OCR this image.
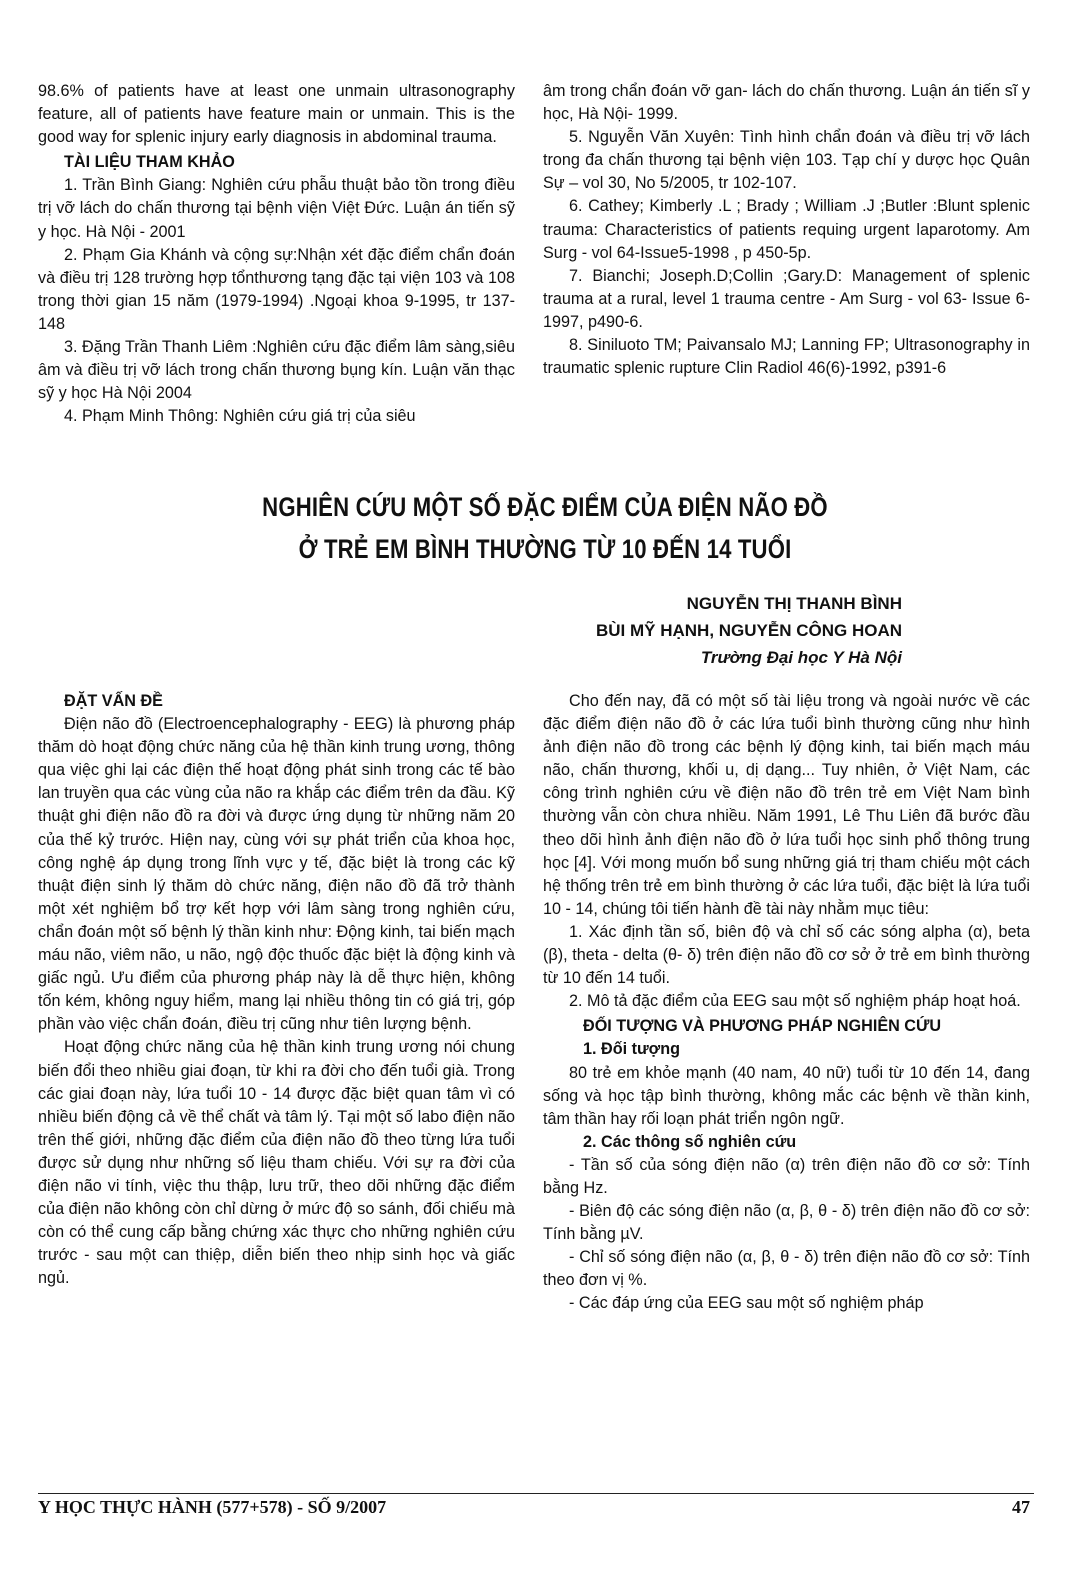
98.6% of patients have at least one unmain ultrasonography feature, all of patients have feature main or unmain. This is the good way for splenic injury early diagnosis in abdominal trauma.

TÀI LIỆU THAM KHẢO

1. Trần Bình Giang: Nghiên cứu phẫu thuật bảo tồn trong điều trị vỡ lách do chấn thương tại bệnh viện Việt Đức. Luận án tiến sỹ y học. Hà Nội - 2001

2. Phạm Gia Khánh và cộng sự:Nhận xét đặc điểm chẩn đoán và điều trị 128 trường hợp tổnthương tạng đặc tại viện 103 và 108 trong thời gian 15 năm (1979-1994) .Ngoại khoa 9-1995, tr 137-148

3. Đặng Trần Thanh Liêm :Nghiên cứu đặc điểm lâm sàng,siêu âm và điều trị vỡ lách trong chấn thương bụng kín. Luận văn thạc sỹ y học Hà Nội 2004

4. Phạm Minh Thông: Nghiên cứu giá trị của siêu

âm trong chẩn đoán vỡ gan- lách do chấn thương. Luận án tiến sĩ y học, Hà Nội- 1999.

5. Nguyễn Văn Xuyên: Tình hình chẩn đoán và điều trị vỡ lách trong đa chấn thương tại bệnh viện 103. Tạp chí y dược học Quân Sự – vol 30, No 5/2005, tr 102-107.

6. Cathey; Kimberly .L ; Brady ; William .J ;Butler :Blunt splenic trauma: Characteristics of patients requing urgent laparotomy. Am Surg - vol 64-Issue5-1998 , p 450-5p.

7. Bianchi; Joseph.D;Collin ;Gary.D: Management of splenic trauma at a rural, level 1 trauma centre - Am Surg - vol 63- Issue 6-1997, p490-6.

8. Siniluoto TM; Paivansalo MJ; Lanning FP; Ultrasonography in traumatic splenic rupture Clin Radiol 46(6)-1992, p391-6

NGHIÊN CỨU MỘT SỐ ĐẶC ĐIỂM CỦA ĐIỆN NÃO ĐỒ
Ở TRẺ EM BÌNH THƯỜNG TỪ 10 ĐẾN 14 TUỔI
NGUYỄN THỊ THANH BÌNH
BÙI MỸ HẠNH, NGUYỄN CÔNG HOAN
Trường Đại học Y Hà Nội

ĐẶT VẤN ĐỀ

Điện não đồ (Electroencephalography - EEG) là phương pháp thăm dò hoạt động chức năng của hệ thần kinh trung ương, thông qua việc ghi lại các điện thế hoạt động phát sinh trong các tế bào lan truyền qua các vùng của não ra khắp các điểm trên da đầu. Kỹ thuật ghi điện não đồ ra đời và được ứng dụng từ những năm 20 của thế kỷ trước. Hiện nay, cùng với sự phát triển của khoa học, công nghệ áp dụng trong lĩnh vực y tế, đặc biệt là trong các kỹ thuật điện sinh lý thăm dò chức năng, điện não đồ đã trở thành một xét nghiệm bổ trợ kết hợp với lâm sàng trong nghiên cứu, chẩn đoán một số bệnh lý thần kinh như: Động kinh, tai biến mạch máu não, viêm não, u não, ngộ độc thuốc đặc biệt là động kinh và giấc ngủ. Ưu điểm của phương pháp này là dễ thực hiện, không tốn kém, không nguy hiểm, mang lại nhiều thông tin có giá trị, góp phần vào việc chẩn đoán, điều trị cũng như tiên lượng bệnh.

Hoạt động chức năng của hệ thần kinh trung ương nói chung biến đổi theo nhiều giai đoạn, từ khi ra đời cho đến tuổi già. Trong các giai đoạn này, lứa tuổi 10 - 14 được đặc biệt quan tâm vì có nhiều biến động cả về thể chất và tâm lý. Tại một số labo điện não trên thế giới, những đặc điểm của điện não đồ theo từng lứa tuổi được sử dụng như những số liệu tham chiếu. Với sự ra đời của điện não vi tính, việc thu thập, lưu trữ, theo dõi những đặc điểm của điện não không còn chỉ dừng ở mức độ so sánh, đối chiếu mà còn có thể cung cấp bằng chứng xác thực cho những nghiên cứu trước - sau một can thiệp, diễn biến theo nhịp sinh học và giấc ngủ.

Cho đến nay, đã có một số tài liệu trong và ngoài nước về các đặc điểm điện não đồ ở các lứa tuổi bình thường cũng như hình ảnh điện não đồ trong các bệnh lý động kinh, tai biến mạch máu não, chấn thương, khối u, dị dạng... Tuy nhiên, ở Việt Nam, các công trình nghiên cứu về điện não đồ trên trẻ em Việt Nam bình thường vẫn còn chưa nhiều. Năm 1991, Lê Thu Liên đã bước đầu theo dõi hình ảnh điện não đồ ở lứa tuổi học sinh phổ thông trung học [4]. Với mong muốn bổ sung những giá trị tham chiếu một cách hệ thống trên trẻ em bình thường ở các lứa tuổi, đặc biệt là lứa tuổi 10 - 14, chúng tôi tiến hành đề tài này nhằm mục tiêu:

1. Xác định tần số, biên độ và chỉ số các sóng alpha (α), beta (β), theta - delta (θ- δ) trên điện não đồ cơ sở ở trẻ em bình thường từ 10 đến 14 tuổi.

2. Mô tả đặc điểm của EEG sau một số nghiệm pháp hoạt hoá.

ĐỐI TƯỢNG VÀ PHƯƠNG PHÁP NGHIÊN CỨU

1. Đối tượng

80 trẻ em khỏe mạnh (40 nam, 40 nữ) tuổi từ 10 đến 14, đang sống và học tập bình thường, không mắc các bệnh về thần kinh, tâm thần hay rối loạn phát triển ngôn ngữ.

2. Các thông số nghiên cứu

- Tần số của sóng điện não (α) trên điện não đồ cơ sở: Tính bằng Hz.

- Biên độ các sóng điện não (α, β, θ - δ) trên điện não đồ cơ sở: Tính bằng µV.

- Chỉ số sóng điện não (α, β, θ - δ) trên điện não đồ cơ sở: Tính theo đơn vị %.

- Các đáp ứng của EEG sau một số nghiệm pháp

Y HỌC THỰC HÀNH (577+578) - SỐ 9/2007	47
